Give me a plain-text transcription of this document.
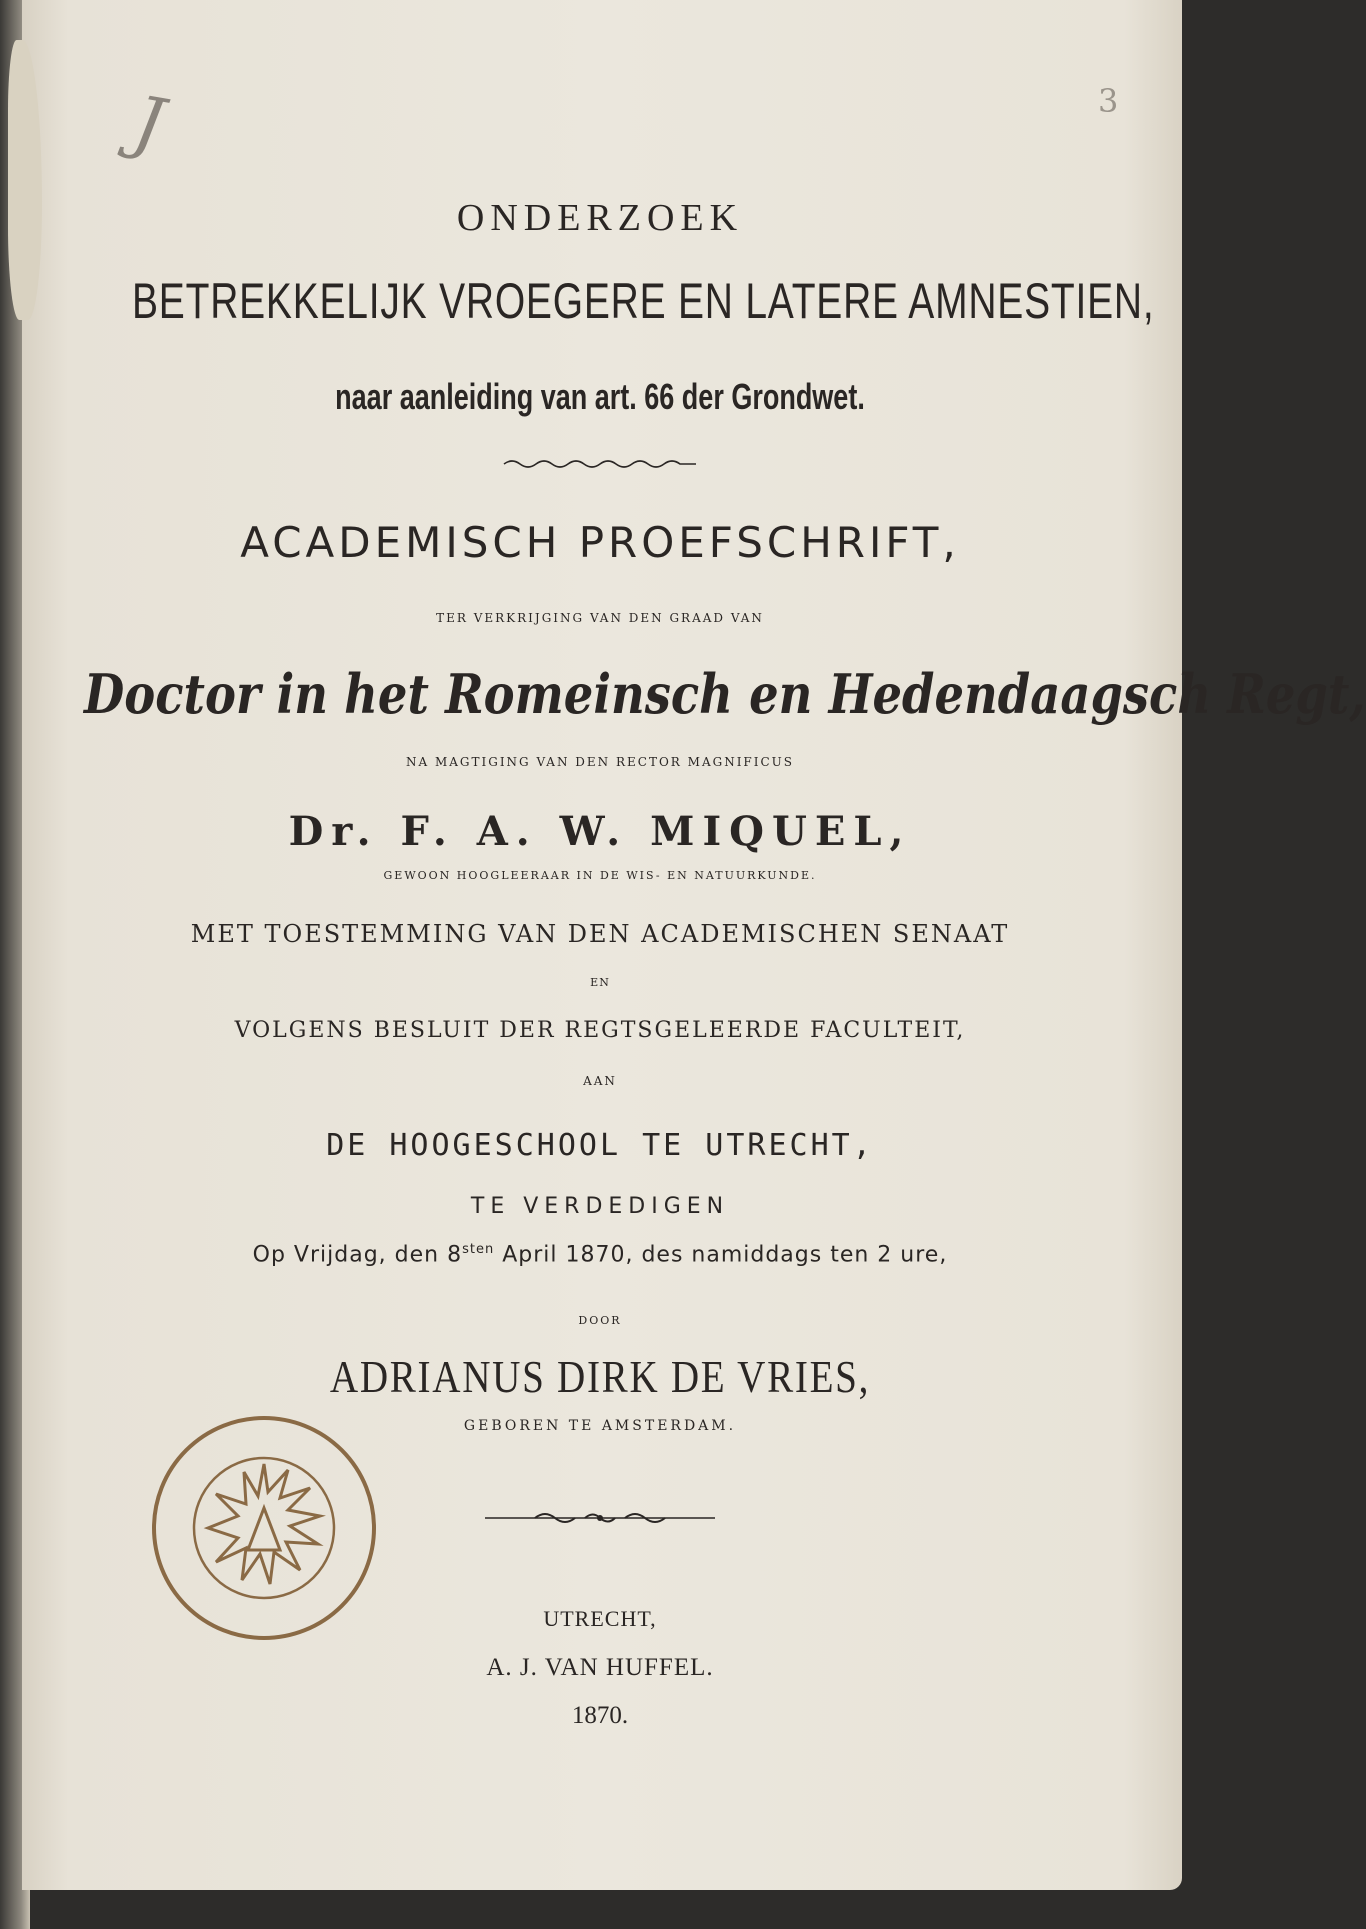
J	3

ONDERZOEK

BETREKKELIJK VROEGERE EN LATERE AMNESTIEN,

naar aanleiding van art. 66 der Grondwet.

ACADEMISCH PROEFSCHRIFT,

TER VERKRIJGING VAN DEN GRAAD VAN

Doctor in het Romeinsch en Hedendaagsch Regt,

NA MAGTIGING VAN DEN RECTOR MAGNIFICUS

Dr. F. A. W. MIQUEL,

GEWOON HOOGLEERAAR IN DE WIS- EN NATUURKUNDE.

MET TOESTEMMING VAN DEN ACADEMISCHEN SENAAT

EN

VOLGENS BESLUIT DER REGTSGELEERDE FACULTEIT,

AAN

DE HOOGESCHOOL TE UTRECHT,

TE VERDEDIGEN

Op Vrijdag, den $8^{sten}$ April 1870, des namiddags ten 2 ure,

DOOR

ADRIANUS DIRK DE VRIES,

GEBOREN TE AMSTERDAM.

UTRECHT,

A. J. VAN HUFFEL.

1870.
